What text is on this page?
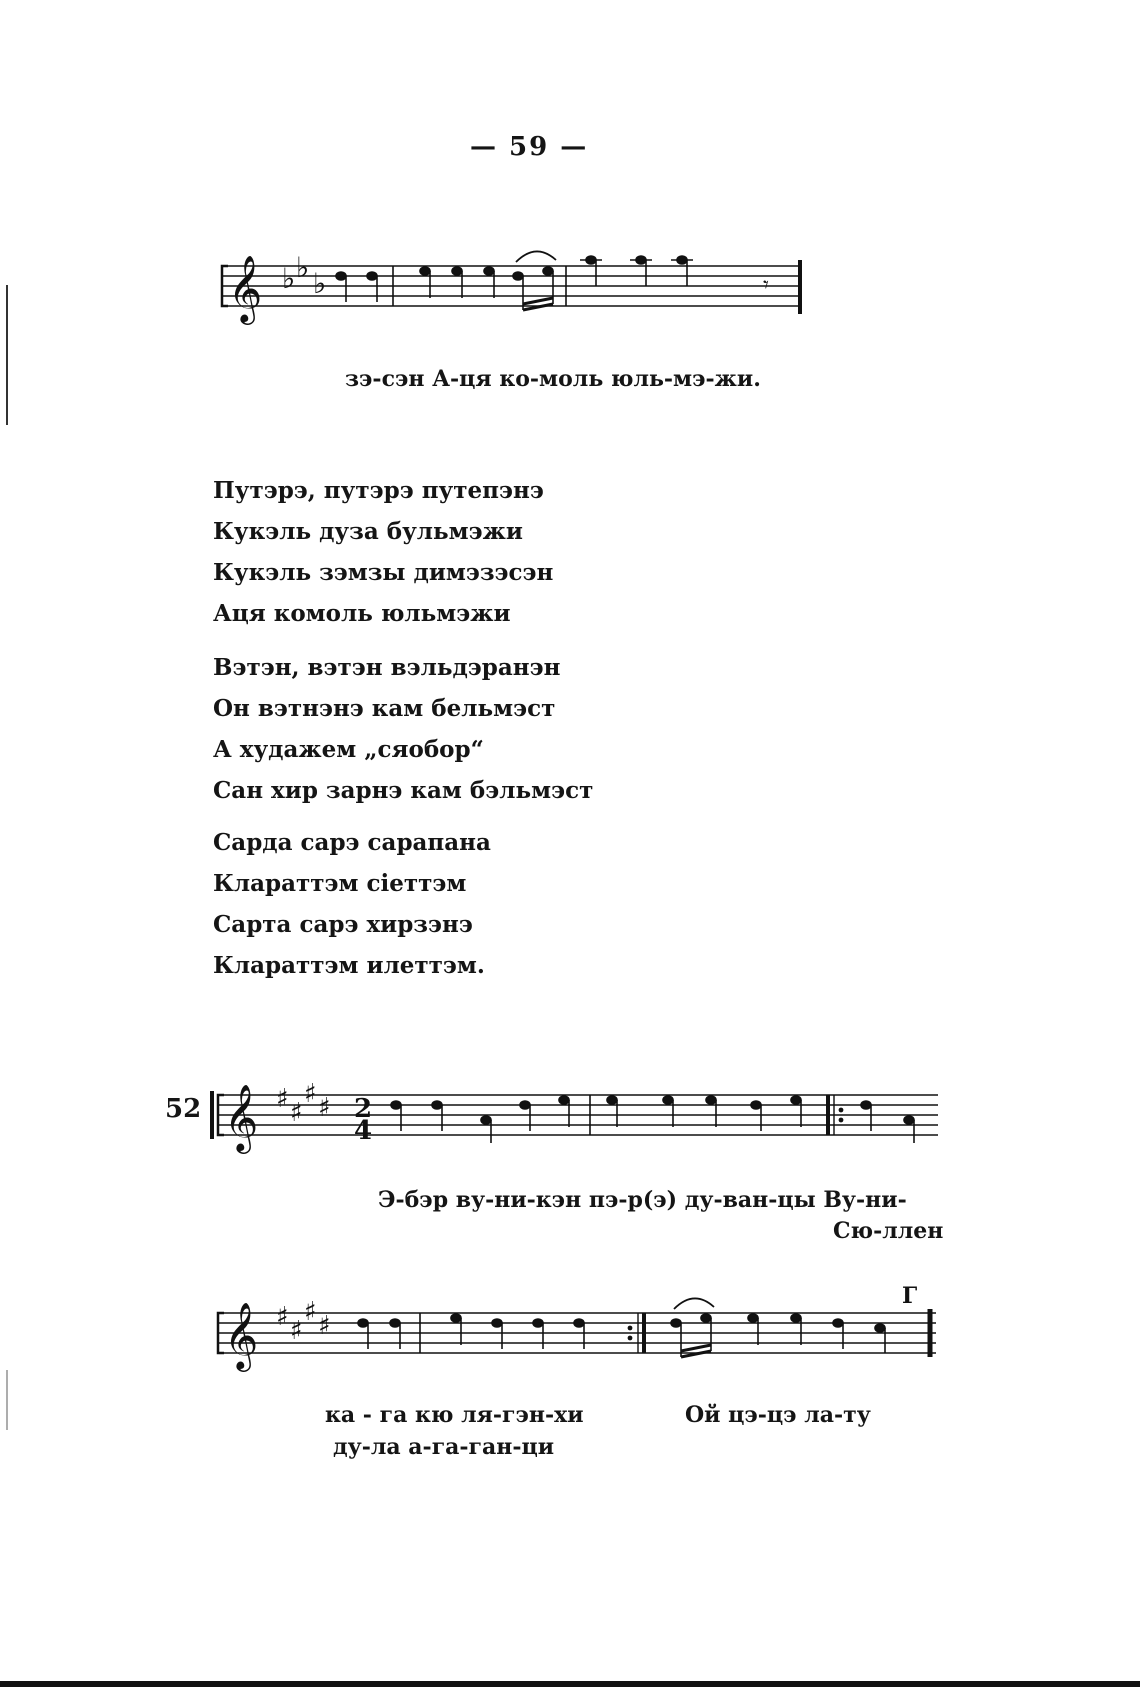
— 59 —
𝄞 ♭ ♭ ♭	𝄾
зэ-сэн А-ця ко-моль юль-мэ-жи.
Путэрэ, путэрэ путепэнэ
Кукэль дуза бульмэжи
Кукэль зэмзы димэзэсэн
Аця комоль юльмэжи
Вэтэн, вэтэн вэльдэранэн
Он вэтнэнэ кам бельмэст
А худажем „сяобор“
Сан хир зарнэ кам бэльмэст
Сарда сарэ сарапана
Клараттэм сiеттэм
Сарта сарэ хирзэнэ
Клараттэм илеттэм.
52 𝄞 ♯ ♯
♯ ♯ 2
4
Э-бэр ву-ни-кэн пэ-р(э) ду-ван-цы Ву-ни-
Сю-ллен
𝄞 ♯ ♯
♯ ♯
Г
ка - га кю ля-гэн-хи
ду-ла а-га-ган-ци
Ой цэ-цэ ла-ту
